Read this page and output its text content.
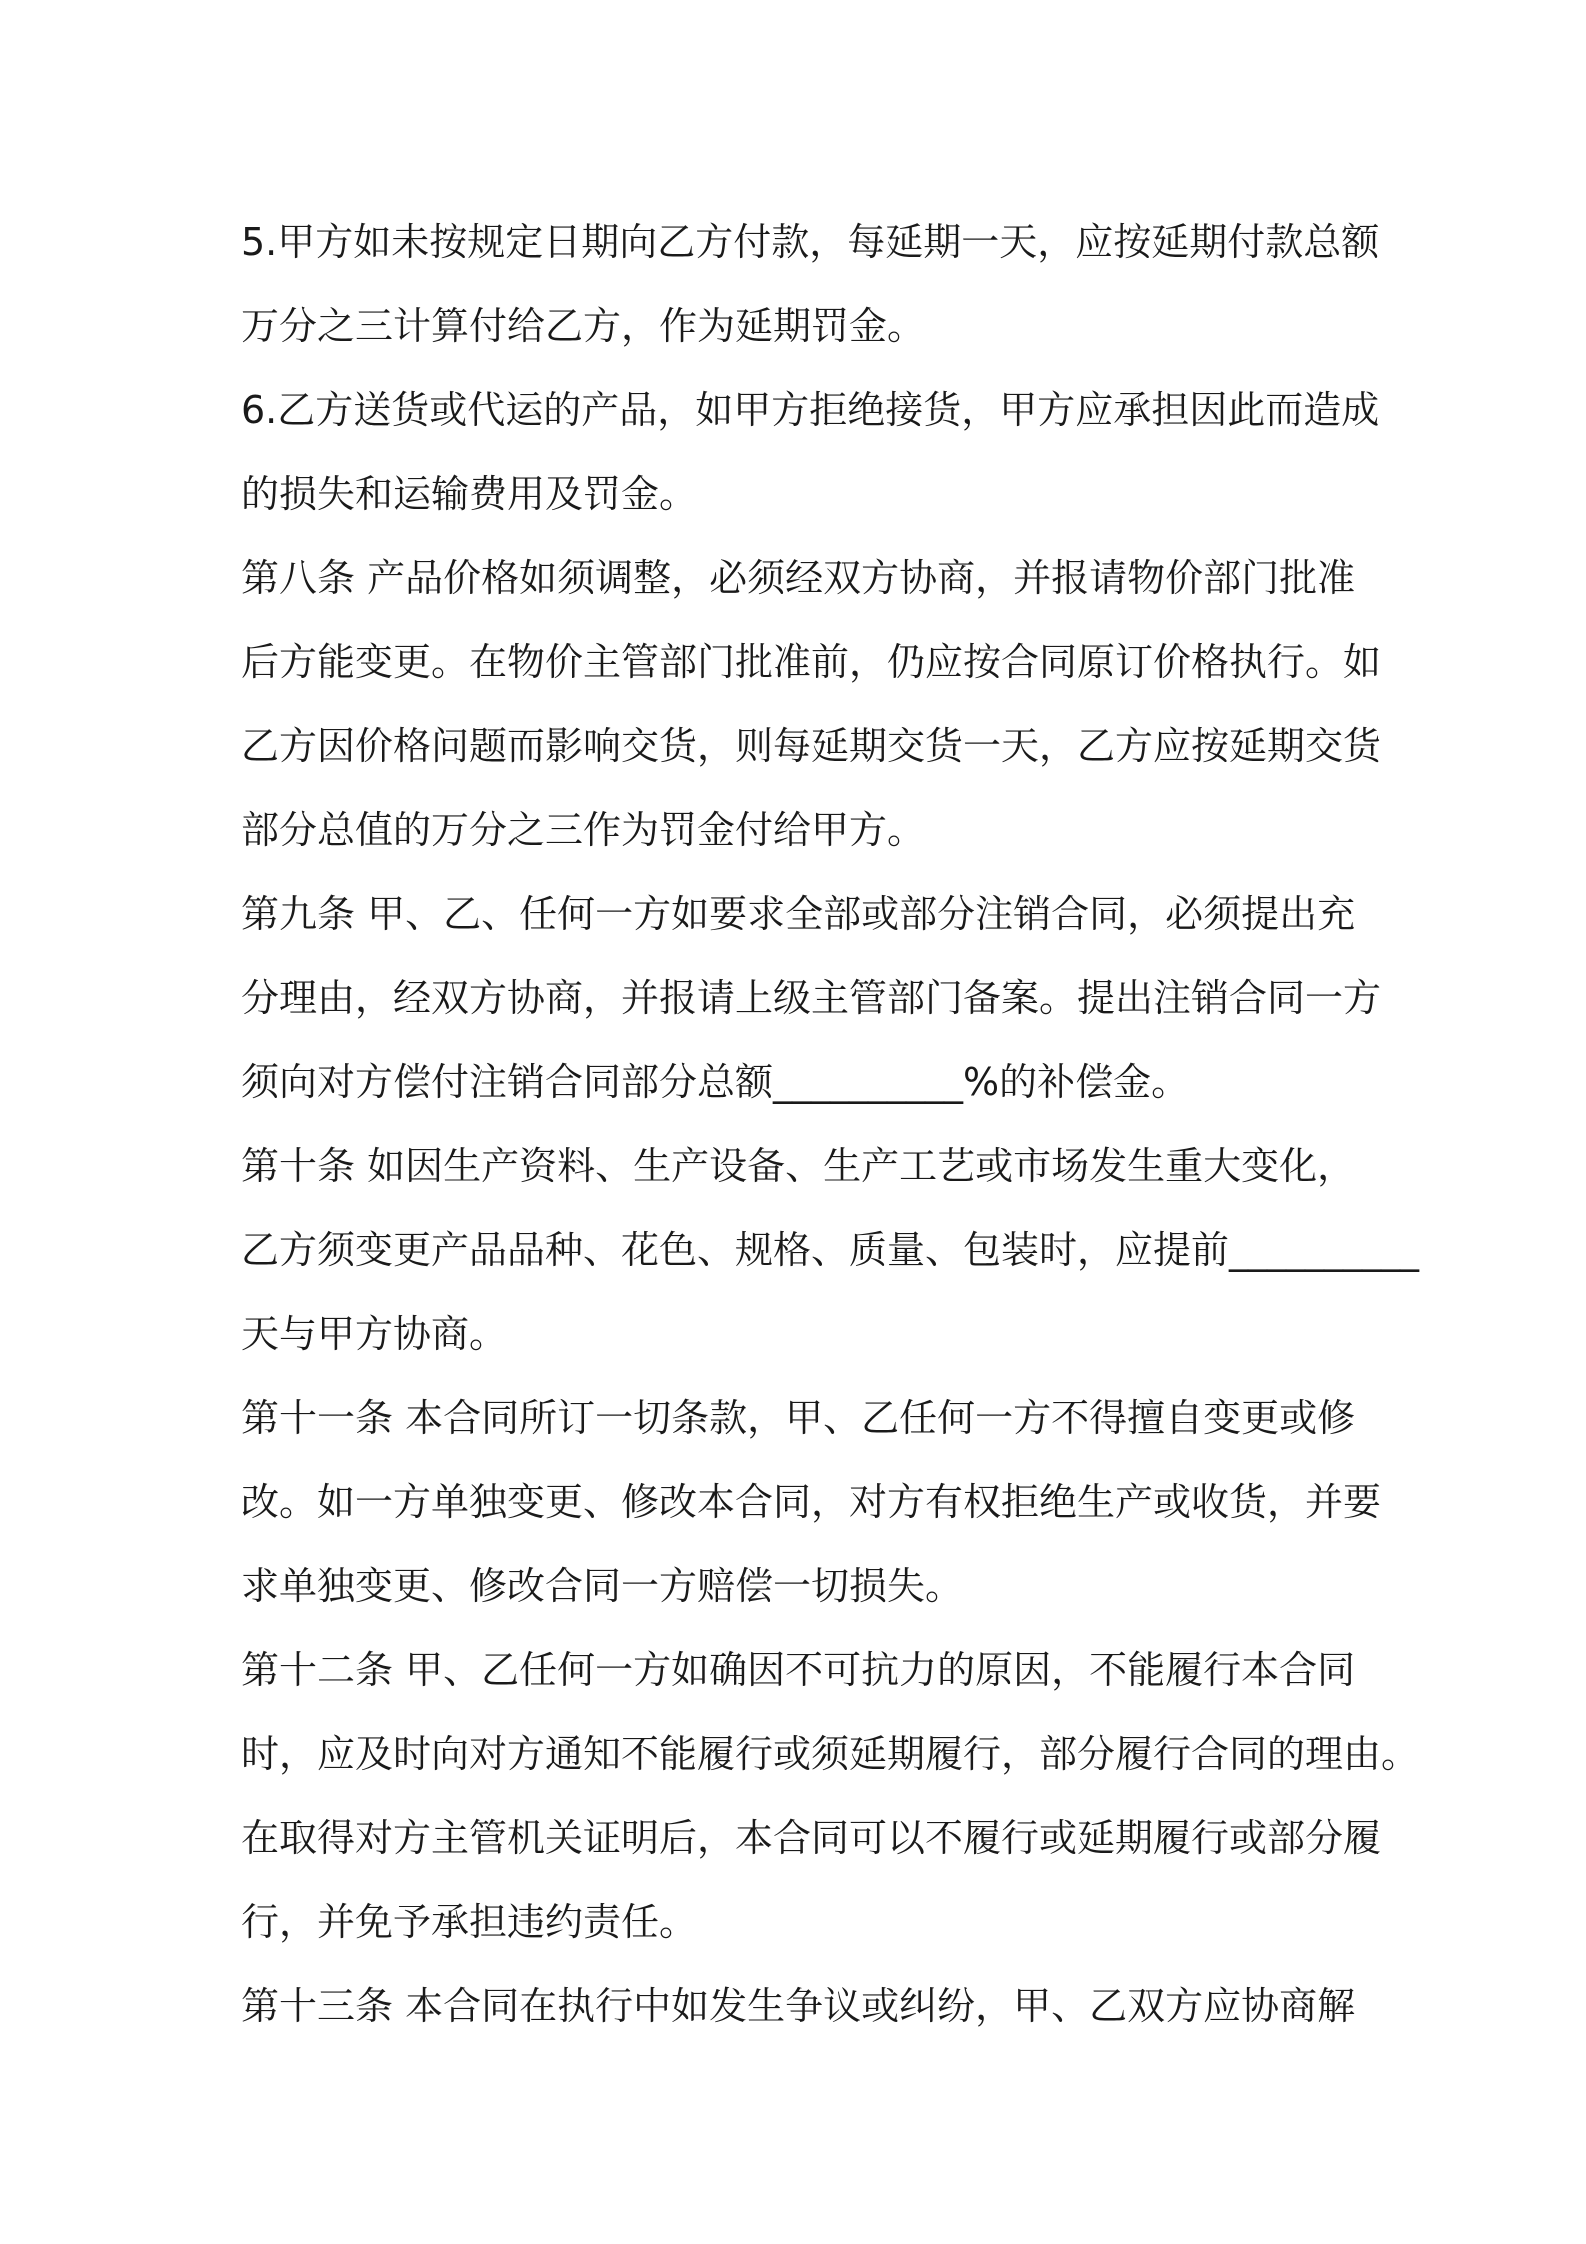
5.甲方如未按规定日期向乙方付款，每延期一天，应按延期付款总额
万分之三计算付给乙方，作为延期罚金。
6.乙方送货或代运的产品，如甲方拒绝接货，甲方应承担因此而造成
的损失和运输费用及罚金。
第八条 产品价格如须调整，必须经双方协商，并报请物价部门批准
后方能变更。在物价主管部门批准前，仍应按合同原订价格执行。如
乙方因价格问题而影响交货，则每延期交货一天，乙方应按延期交货
部分总值的万分之三作为罚金付给甲方。
第九条 甲、乙、任何一方如要求全部或部分注销合同，必须提出充
分理由，经双方协商，并报请上级主管部门备案。提出注销合同一方
须向对方偿付注销合同部分总额__________%的补偿金。
第十条 如因生产资料、生产设备、生产工艺或市场发生重大变化，
乙方须变更产品品种、花色、规格、质量、包装时，应提前__________
天与甲方协商。
第十一条 本合同所订一切条款，甲、乙任何一方不得擅自变更或修
改。如一方单独变更、修改本合同，对方有权拒绝生产或收货，并要
求单独变更、修改合同一方赔偿一切损失。
第十二条 甲、乙任何一方如确因不可抗力的原因，不能履行本合同
时，应及时向对方通知不能履行或须延期履行，部分履行合同的理由。
在取得对方主管机关证明后，本合同可以不履行或延期履行或部分履
行，并免予承担违约责任。
第十三条 本合同在执行中如发生争议或纠纷，甲、乙双方应协商解
